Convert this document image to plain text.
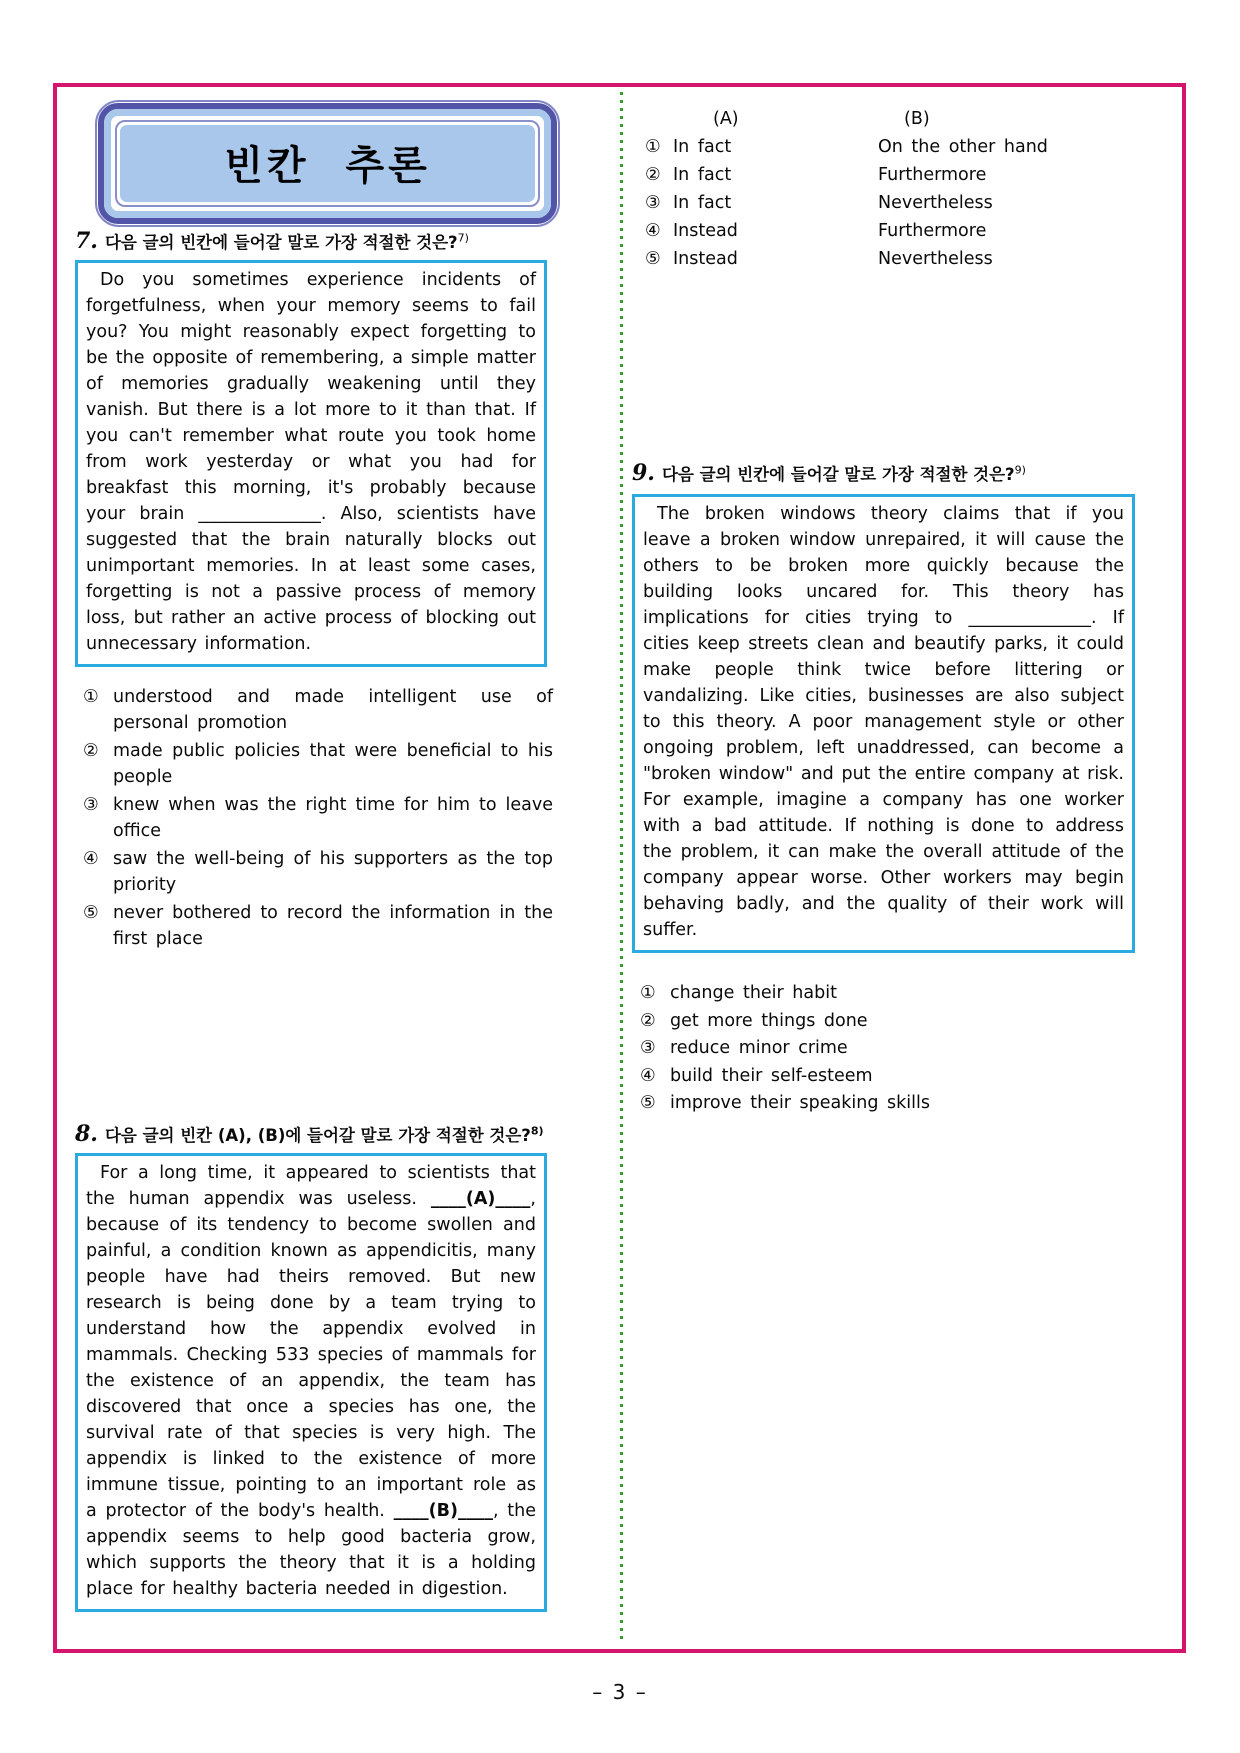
빈칸 추론
7. 다음 글의 빈칸에 들어갈 말로 가장 적절한 것은?$^{7)}$

Do you sometimes experience incidents of forgetfulness, when your memory seems to fail you? You might reasonably expect forgetting to be the opposite of remembering, a simple matter of memories gradually weakening until they vanish. But there is a lot more to it than that. If you can't remember what route you took home from work yesterday or what you had for breakfast this morning, it's probably because your brain ______________. Also, scientists have suggested that the brain naturally blocks out unimportant memories. In at least some cases, forgetting is not a passive process of memory loss, but rather an active process of blocking out unnecessary information.

① understood and made intelligent use of personal promotion
② made public policies that were beneficial to his people
③ knew when was the right time for him to leave office
④ saw the well-being of his supporters as the top priority
⑤ never bothered to record the information in the first place
8. 다음 글의 빈칸 (A), (B)에 들어갈 말로 가장 적절한 것은?$^{8)}$

For a long time, it appeared to scientists that the human appendix was useless. ____(A)____, because of its tendency to become swollen and painful, a condition known as appendicitis, many people have had theirs removed. But new research is being done by a team trying to understand how the appendix evolved in mammals. Checking 533 species of mammals for the existence of an appendix, the team has discovered that once a species has one, the survival rate of that species is very high. The appendix is linked to the existence of more immune tissue, pointing to an important role as a protector of the body's health. ____(B)____, the appendix seems to help good bacteria grow, which supports the theory that it is a holding place for healthy bacteria needed in digestion.

(A)	(B)
① In fact	On the other hand
② In fact	Furthermore
③ In fact	Nevertheless
④ Instead	Furthermore
⑤ Instead	Nevertheless
9. 다음 글의 빈칸에 들어갈 말로 가장 적절한 것은?$^{9)}$

The broken windows theory claims that if you leave a broken window unrepaired, it will cause the others to be broken more quickly because the building looks uncared for. This theory has implications for cities trying to ______________. If cities keep streets clean and beautify parks, it could make people think twice before littering or vandalizing. Like cities, businesses are also subject to this theory. A poor management style or other ongoing problem, left unaddressed, can become a "broken window" and put the entire company at risk. For example, imagine a company has one worker with a bad attitude. If nothing is done to address the problem, it can make the overall attitude of the company appear worse. Other workers may begin behaving badly, and the quality of their work will suffer.

① change their habit
② get more things done
③ reduce minor crime
④ build their self-esteem
⑤ improve their speaking skills
– 3 –
